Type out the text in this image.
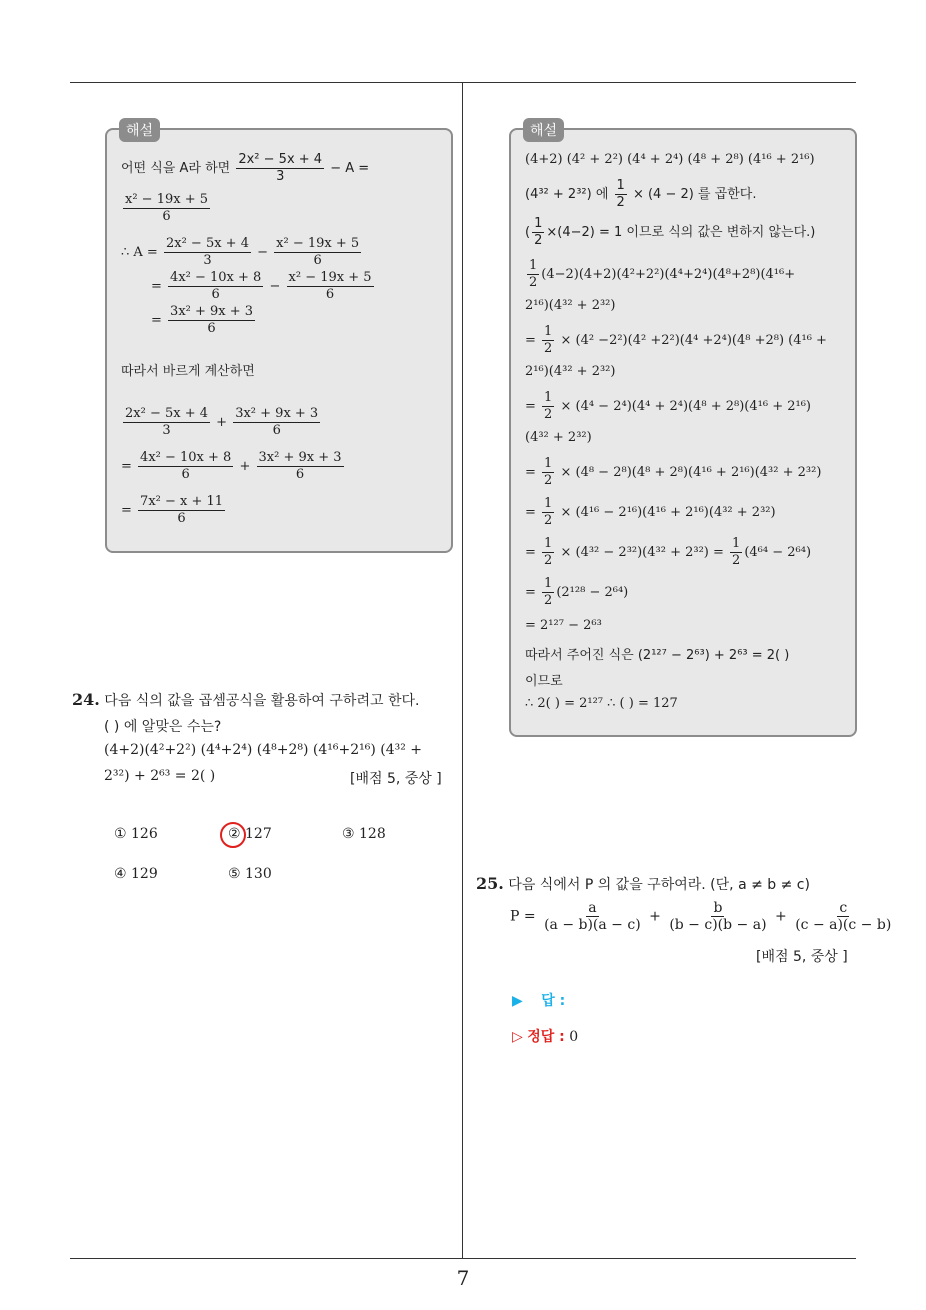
해설
어떤 식을 A라 하면 $\frac{\text{2x² − 5x + 4}}{3} - A$ =
$\frac{\text{x² − 19x + 5}}{6}$
∴ $A = \frac{\text{2x² − 5x + 4}}{3} - \frac{\text{x² − 19x + 5}}{6}$
= $\frac{\text{4x² − 10x + 8}}{6} - \frac{\text{x² − 19x + 5}}{6}$
= $\frac{\text{3x² + 9x + 3}}{6}$
따라서 바르게 계산하면
$\frac{\text{2x² − 5x + 4}}{3} + \frac{\text{3x² + 9x + 3}}{6}$
= $\frac{\text{4x² − 10x + 8}}{6} + \frac{\text{3x² + 9x + 3}}{6}$
= $\frac{\text{7x² − x + 11}}{6}$
해설
(4+2) (4² + 2²) (4⁴ + 2⁴) (4⁸ + 2⁸) (4¹⁶ + 2¹⁶)
(4³² + 2³²) 에 $\frac{1}{2} \times (4 - 2)$ 를 곱한다.
( $\frac{1}{2} \times(4-2) = 1$ 이므로 식의 값은 변하지 않는다.)
$\frac{1}{2} (4-2)(4+2)(4^2+2^2)(4^4+2^4)(4^8+2^8)(4^{16}+$
2¹⁶)(4³² + 2³²)
= $\frac{1}{2} \times (4^2 -2^2)(4^2 +2^2)(4^4 +2^4)(4^8 +2^8) (4^{16}$ +
2¹⁶)(4³² + 2³²)
= $\frac{1}{2} \times (4^4 - 2^4)(4^4 + 2^4)(4^8 + 2^8)(4^{16} + 2^{16})$
(4³² + 2³²)
= $\frac{1}{2} \times (4^8 - 2^8)(4^8 + 2^8)(4^{16} + 2^{16})(4^{32} + 2^{32})$
= $\frac{1}{2} \times (4^{16} - 2^{16})(4^{16} + 2^{16})(4^{32} + 2^{32})$
= $\frac{1}{2} \times (4^{32} - 2^{32})(4^{32} + 2^{32}) = \frac{1}{2} (4^{64} - 2^{64})$
= $\frac{1}{2} (2^{128} - 2^{64})$
= 2¹²⁷ − 2⁶³
따라서 주어진 식은 (2¹²⁷ − 2⁶³) + 2⁶³ = 2( )
이므로
∴ 2( ) = 2¹²⁷ ∴ ( ) = 127
24. 다음 식의 값을 곱셈공식을 활용하여 구하려고 한다.
( ) 에 알맞은 수는?
(4+2)(4²+2²) (4⁴+2⁴) (4⁸+2⁸) (4¹⁶+2¹⁶) (4³² +
2³²) + 2⁶³ = 2( )	[배점 5, 중상 ]
① 126	② 127	③ 128
④ 129	⑤ 130	25. 다음 식에서 P 의 값을 구하여라. (단, a ≠ b ≠ c)
$P = \frac{a}{(a - b)(a - c)} + \frac{b}{(b - c)(b - a)} + \frac{c}{(c - a)(c - b)}$
[배점 5, 중상 ]
▶ 답 :
▷ 정답 : 0
7
